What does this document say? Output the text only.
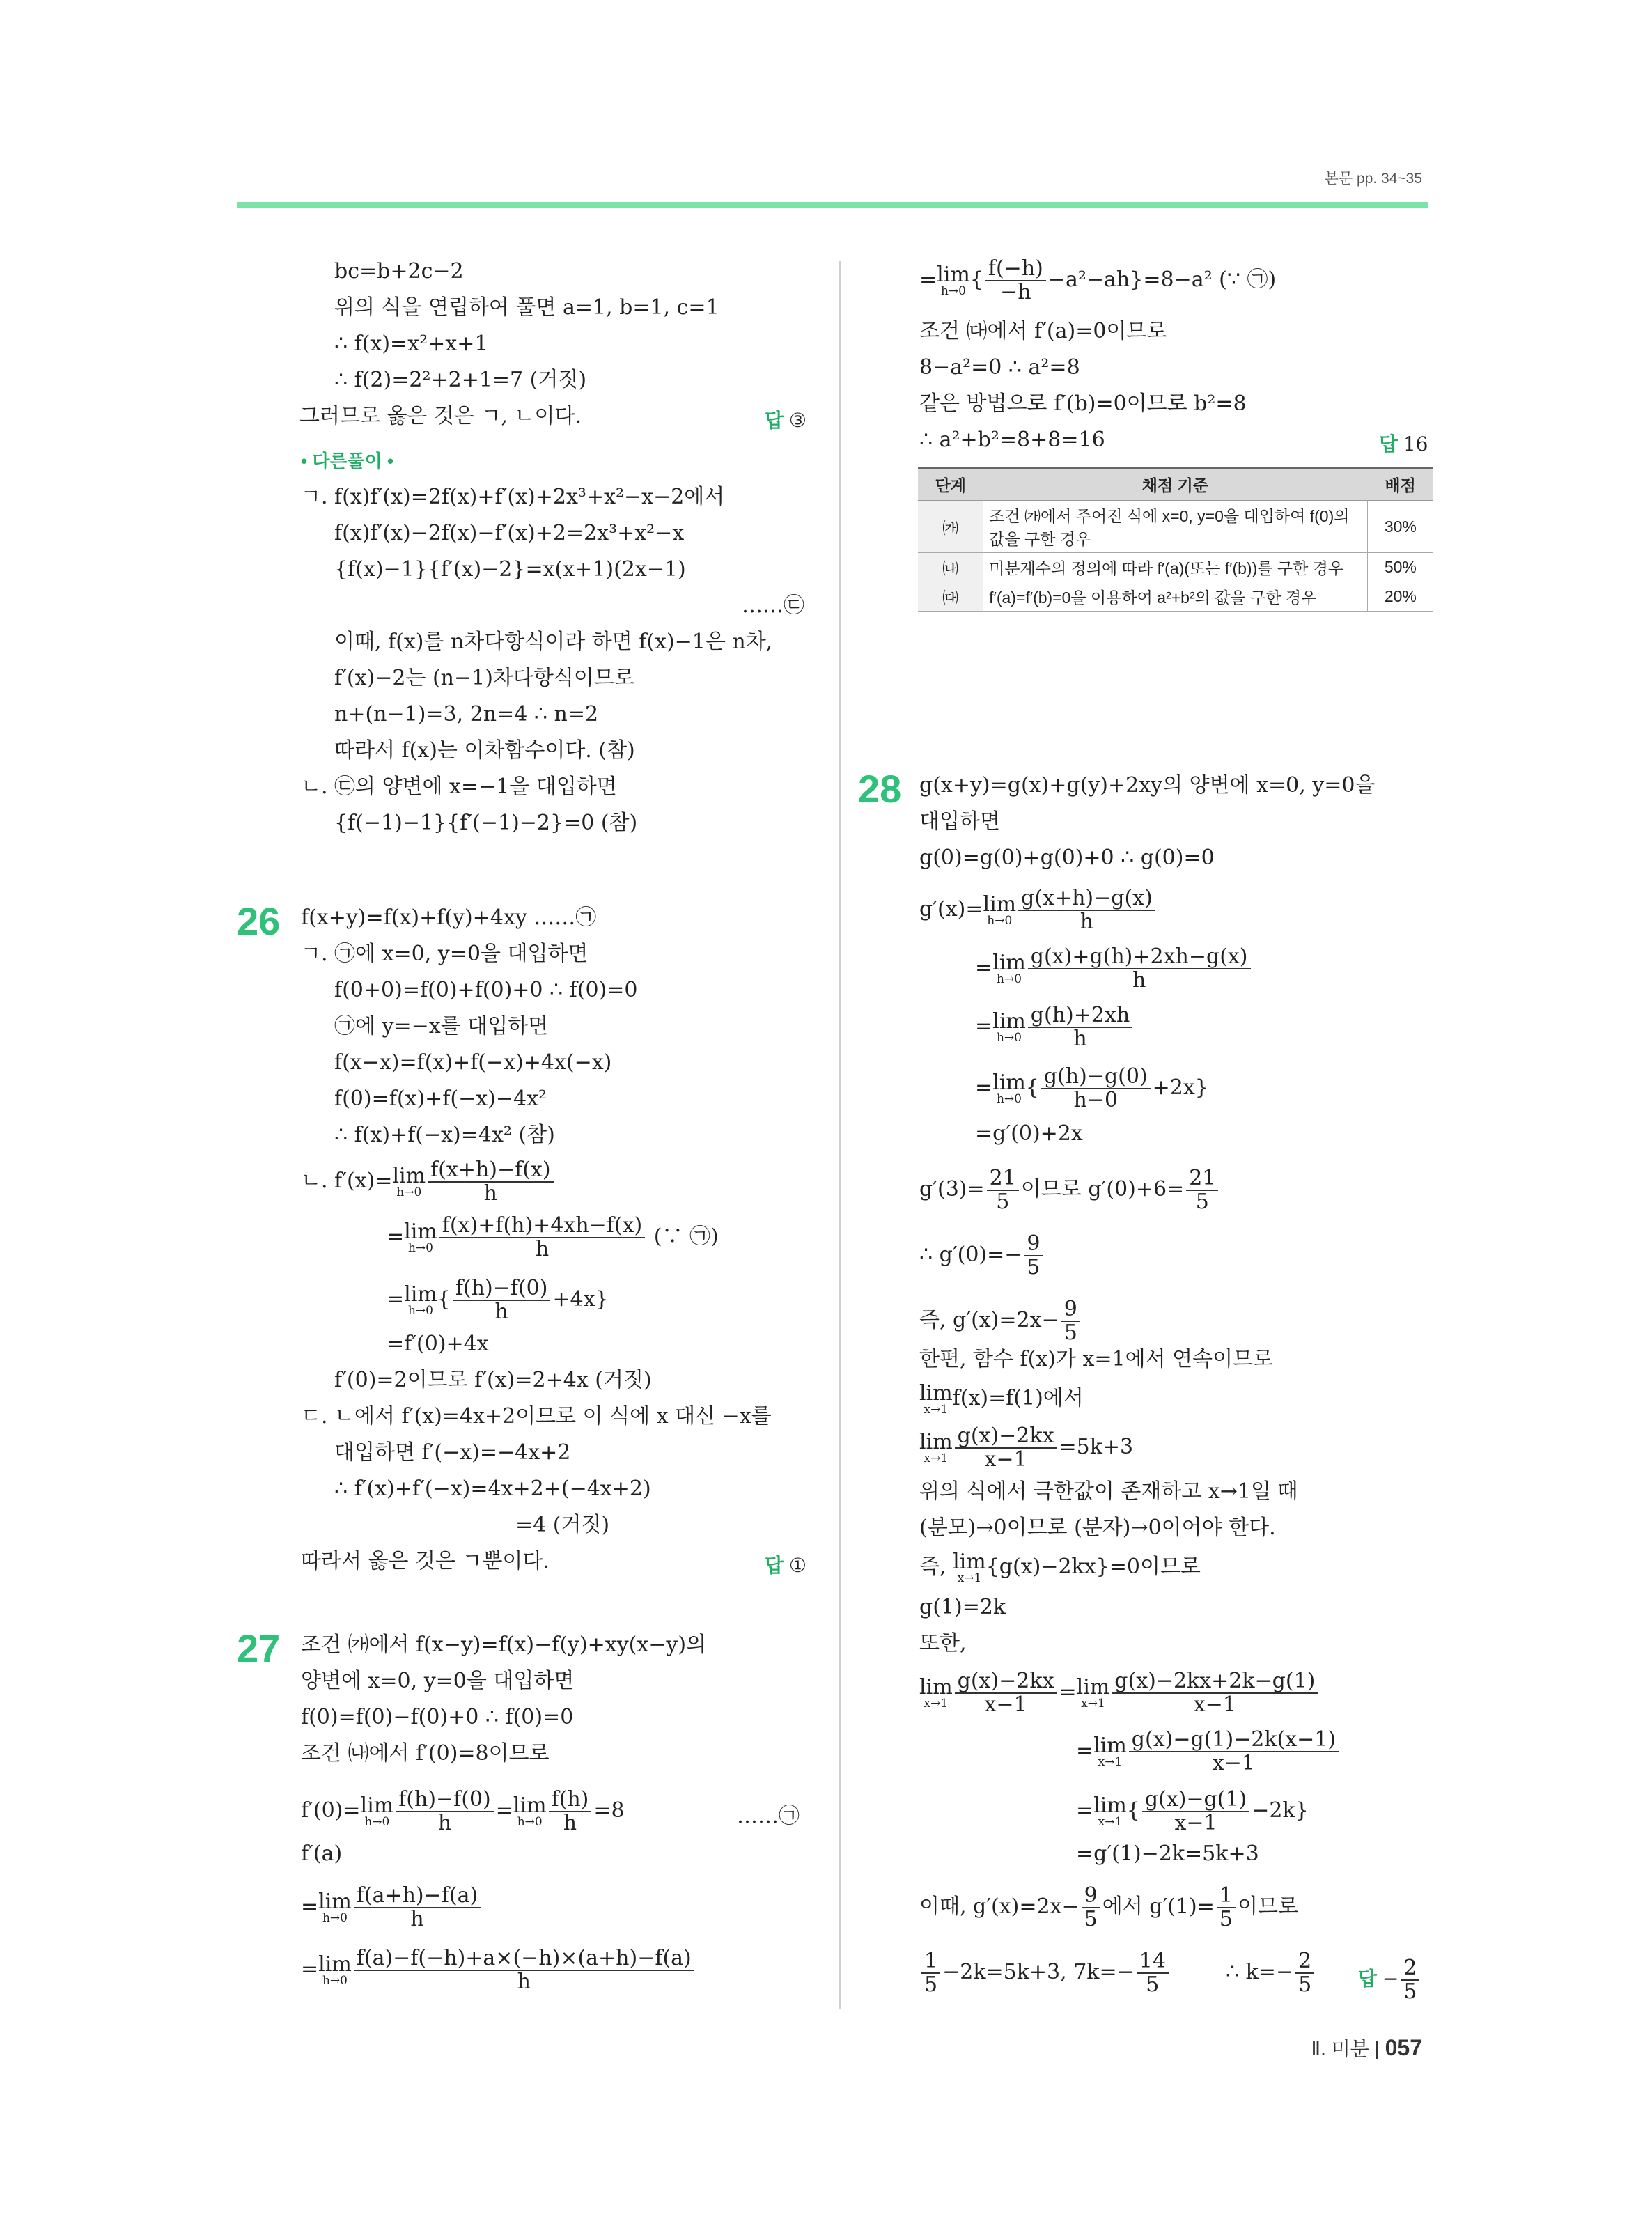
본문 pp. 34~35
bc=b+2c−2
위의 식을 연립하여 풀면 a=1, b=1, c=1
∴ f(x)=x²+x+1
∴ f(2)=2²+2+1=7 (거짓)
그러므로 옳은 것은 ㄱ, ㄴ이다.	답 ③
• 다른풀이 •
ㄱ. f(x)f′(x)=2f(x)+f′(x)+2x³+x²−x−2에서
f(x)f′(x)−2f(x)−f′(x)+2=2x³+x²−x
{f(x)−1}{f′(x)−2}=x(x+1)(2x−1)
……㉢
이때, f(x)를 n차다항식이라 하면 f(x)−1은 n차,
f′(x)−2는 (n−1)차다항식이므로
n+(n−1)=3, 2n=4 ∴ n=2
따라서 f(x)는 이차함수이다. (참)
ㄴ. ㉢의 양변에 x=−1을 대입하면
{f(−1)−1}{f′(−1)−2}=0 (참)
26 f(x+y)=f(x)+f(y)+4xy ……㉠
ㄱ. ㉠에 x=0, y=0을 대입하면
f(0+0)=f(0)+f(0)+0 ∴ f(0)=0
㉠에 y=−x를 대입하면
f(x−x)=f(x)+f(−x)+4x(−x)
f(0)=f(x)+f(−x)−4x²
∴ f(x)+f(−x)=4x² (참)
ㄴ. f′(x)= lim
$h\to 0 \frac{f(x+h)-f(x)}{h}$
= lim
$h\to 0 \frac{f(x)+f(h)+4xh-f(x)}{h}$ (∵ ㉠)
= lim
h→0 { $\frac{f(h)-f(0)}{h} +4x$}
=f′(0)+4x
f′(0)=2이므로 f′(x)=2+4x (거짓)
ㄷ. ㄴ에서 f′(x)=4x+2이므로 이 식에 x 대신 −x를
대입하면 f′(−x)=−4x+2
∴ f′(x)+f′(−x)=4x+2+(−4x+2)
=4 (거짓)
따라서 옳은 것은 ㄱ뿐이다.	답 ①
27 조건 ㈎에서 f(x−y)=f(x)−f(y)+xy(x−y)의
양변에 x=0, y=0을 대입하면
f(0)=f(0)−f(0)+0 ∴ f(0)=0
조건 ㈏에서 f′(0)=8이므로
f′(0)= lim
$h\to 0 \frac{f(h)-f(0)}{h} = \lim$
$h\to 0 \frac{f(h)}{h} =8$	……㉠
f′(a)
= lim
$h\to 0 \frac{f(a+h)-f(a)}{h}$
= lim
$h\to 0 \frac{f(a)-f(-h)+a\times(-h)\times(a+h)-f(a)}{h}$
= lim
h→0 { $\frac{f(-h)}{-h} -a^2-ah\}=8-a^2$ (∵ ㉠)
조건 ㈐에서 f′(a)=0이므로
8−a²=0 ∴ a²=8
같은 방법으로 f′(b)=0이므로 b²=8
∴ a²+b²=8+8=16	답 16
단계	채점 기준	배점
㈎	조건 ㈎에서 주어진 식에 x=0, y=0을 대입하여 f(0)의 값을 구한 경우	30%
㈏	미분계수의 정의에 따라 f′(a)(또는 f′(b))를 구한 경우	50%
㈐	f′(a)=f′(b)=0을 이용하여 a²+b²의 값을 구한 경우	20%
28 g(x+y)=g(x)+g(y)+2xy의 양변에 x=0, y=0을
대입하면
g(0)=g(0)+g(0)+0 ∴ g(0)=0
g′(x)= lim
$h\to 0 \frac{g(x+h)-g(x)}{h}$
= lim
$h\to 0 \frac{g(x)+g(h)+2xh-g(x)}{h}$
= lim
$h\to 0 \frac{g(h)+2xh}{h}$
= lim
h→0 { $\frac{g(h)-g(0)}{h-0} +2x$}
=g′(0)+2x
$g'(3)= \frac{21}{5}$ 이므로 $g'(0)+6= \frac{21}{5}$
∴ $g'(0)=- \frac{9}{5}$
즉, $g'(x)=2x- \frac{9}{5}$
한편, 함수 f(x)가 x=1에서 연속이므로
lim
x→1 f(x)=f(1)에서
lim
$x\to 1 \frac{g(x)-2kx}{x-1} =5k+3$
위의 식에서 극한값이 존재하고 x→1일 때
(분모)→0이므로 (분자)→0이어야 한다.
즉, lim
x→1 {g(x)−2kx}=0이므로
g(1)=2k
또한,
lim
$x\to 1 \frac{g(x)-2kx}{x-1} = \lim$
$x\to 1 \frac{g(x)-2kx+2k-g(1)}{x-1}$
= lim
$x\to 1 \frac{g(x)-g(1)-2k(x-1)}{x-1}$
= lim
x→1 { $\frac{g(x)-g(1)}{x-1} -2k$}
=g′(1)−2k=5k+3
이때, $g'(x)=2x- \frac{9}{5}$ 에서 $g'(1)= \frac{1}{5}$ 이므로
$\frac{1}{5} -2k=5k+3$, $7k=- \frac{14}{5}$	∴ $k=- \frac{2}{5}$ 답 − $\frac{2}{5}$
Ⅱ. 미분 | 057
